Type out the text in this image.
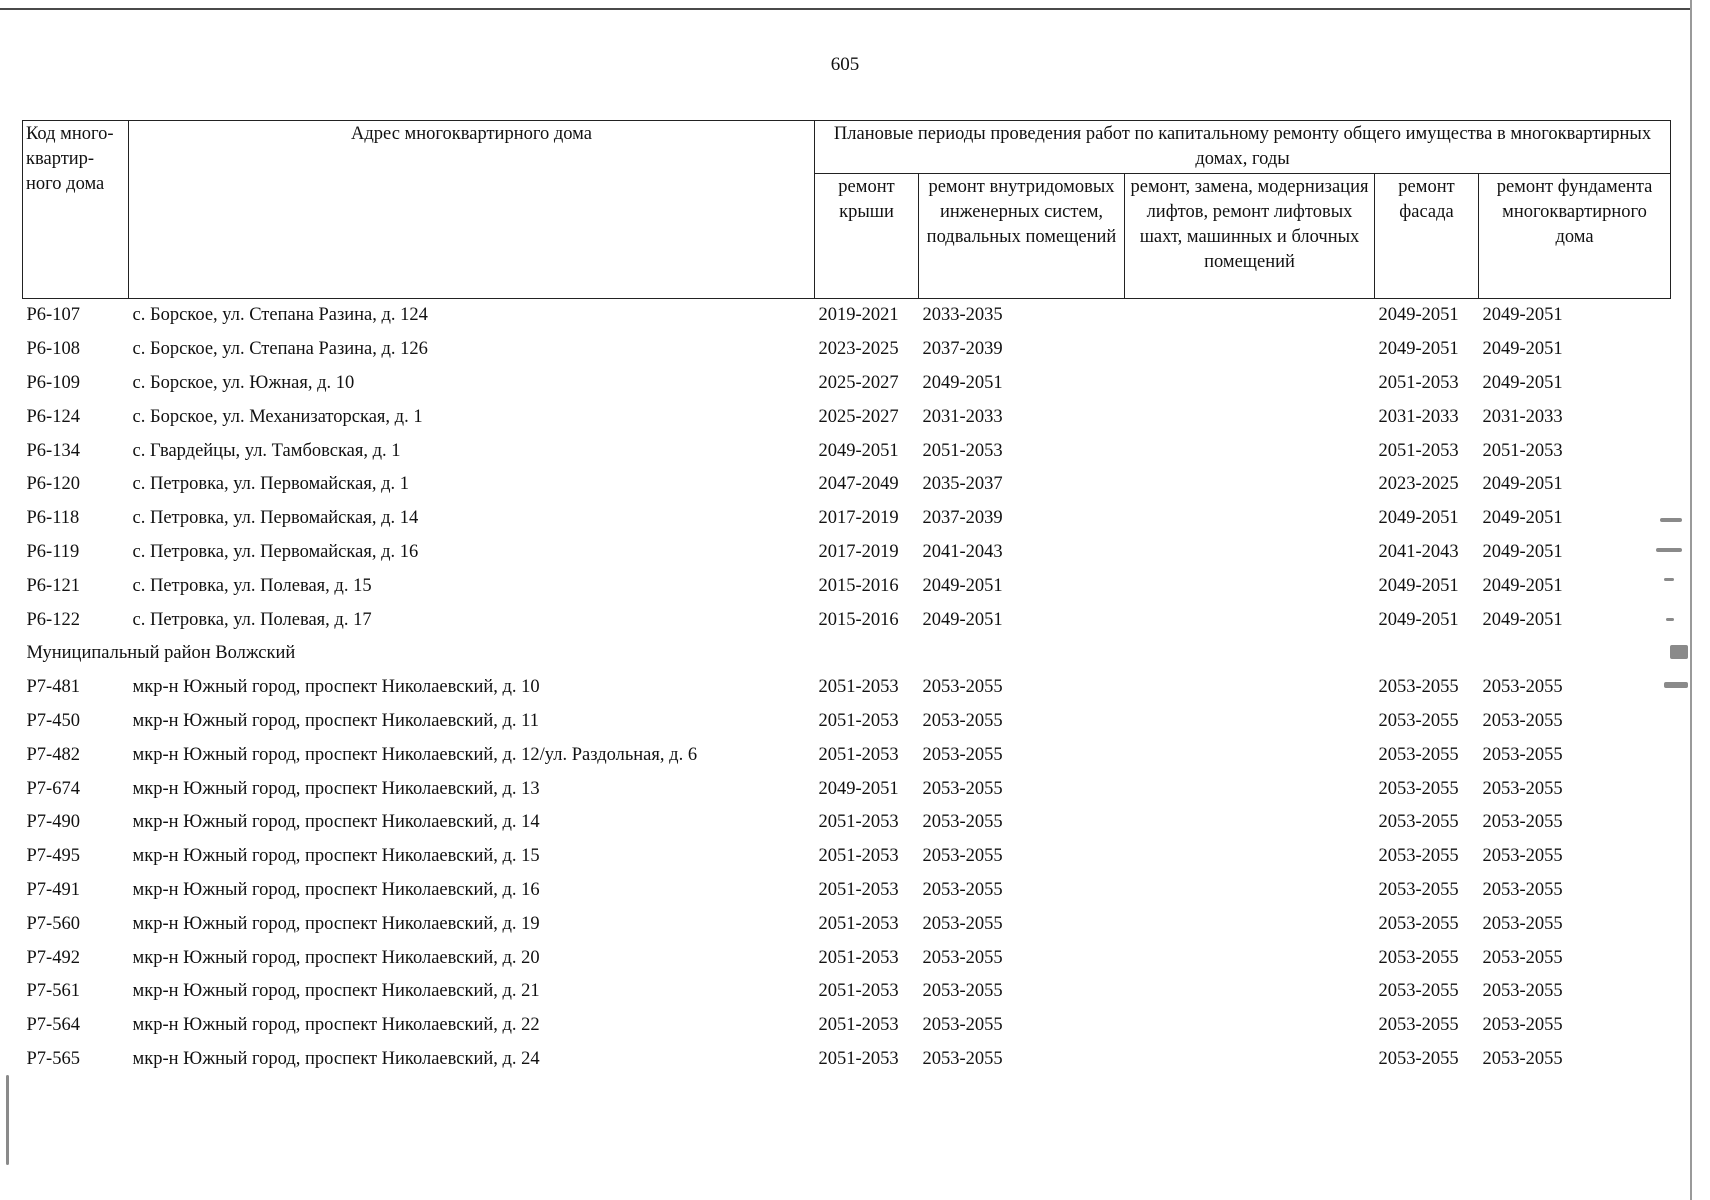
605
Код много-квартир-ного дома	Адрес многоквартирного дома	Плановые периоды проведения работ по капитальному ремонту общего имущества в многоквартирных домах, годы				
		ремонт крыши	ремонт внутридомовых инженерных систем, подвальных помещений	ремонт, замена, модернизация лифтов, ремонт лифтовых шахт, машинных и блочных помещений	ремонт фасада	ремонт фундамента многоквартирного дома
Р6-107	с. Борское, ул. Степана Разина, д. 124	2019-2021	2033-2035		2049-2051	2049-2051
Р6-108	с. Борское, ул. Степана Разина, д. 126	2023-2025	2037-2039		2049-2051	2049-2051
Р6-109	с. Борское, ул. Южная, д. 10	2025-2027	2049-2051		2051-2053	2049-2051
Р6-124	с. Борское, ул. Механизаторская, д. 1	2025-2027	2031-2033		2031-2033	2031-2033
Р6-134	с. Гвардейцы, ул. Тамбовская, д. 1	2049-2051	2051-2053		2051-2053	2051-2053
Р6-120	с. Петровка, ул. Первомайская, д. 1	2047-2049	2035-2037		2023-2025	2049-2051
Р6-118	с. Петровка, ул. Первомайская, д. 14	2017-2019	2037-2039		2049-2051	2049-2051
Р6-119	с. Петровка, ул. Первомайская, д. 16	2017-2019	2041-2043		2041-2043	2049-2051
Р6-121	с. Петровка, ул. Полевая, д. 15	2015-2016	2049-2051		2049-2051	2049-2051
Р6-122	с. Петровка, ул. Полевая, д. 17	2015-2016	2049-2051		2049-2051	2049-2051
Муниципальный район Волжский						
Р7-481	мкр-н Южный город, проспект Николаевский, д. 10	2051-2053	2053-2055		2053-2055	2053-2055
Р7-450	мкр-н Южный город, проспект Николаевский, д. 11	2051-2053	2053-2055		2053-2055	2053-2055
Р7-482	мкр-н Южный город, проспект Николаевский, д. 12/ул. Раздольная, д. 6	2051-2053	2053-2055		2053-2055	2053-2055
Р7-674	мкр-н Южный город, проспект Николаевский, д. 13	2049-2051	2053-2055		2053-2055	2053-2055
Р7-490	мкр-н Южный город, проспект Николаевский, д. 14	2051-2053	2053-2055		2053-2055	2053-2055
Р7-495	мкр-н Южный город, проспект Николаевский, д. 15	2051-2053	2053-2055		2053-2055	2053-2055
Р7-491	мкр-н Южный город, проспект Николаевский, д. 16	2051-2053	2053-2055		2053-2055	2053-2055
Р7-560	мкр-н Южный город, проспект Николаевский, д. 19	2051-2053	2053-2055		2053-2055	2053-2055
Р7-492	мкр-н Южный город, проспект Николаевский, д. 20	2051-2053	2053-2055		2053-2055	2053-2055
Р7-561	мкр-н Южный город, проспект Николаевский, д. 21	2051-2053	2053-2055		2053-2055	2053-2055
Р7-564	мкр-н Южный город, проспект Николаевский, д. 22	2051-2053	2053-2055		2053-2055	2053-2055
Р7-565	мкр-н Южный город, проспект Николаевский, д. 24	2051-2053	2053-2055		2053-2055	2053-2055
